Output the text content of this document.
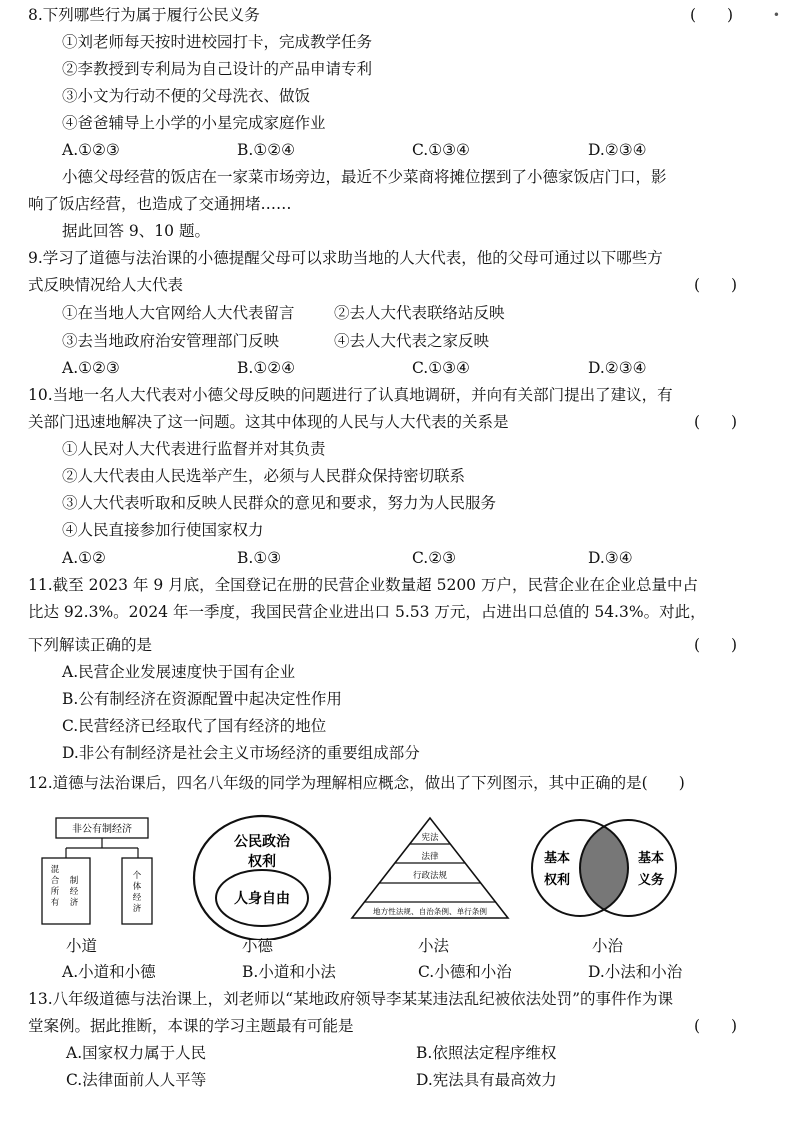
•
8.下列哪些行为属于履行公民义务	(　　)
①刘老师每天按时进校园打卡，完成教学任务
②李教授到专利局为自己设计的产品申请专利
③小文为行动不便的父母洗衣、做饭
④爸爸辅导上小学的小星完成家庭作业
A.①②③	B.①②④	C.①③④	D.②③④
小德父母经营的饭店在一家菜市场旁边，最近不少菜商将摊位摆到了小德家饭店门口，影
响了饭店经营，也造成了交通拥堵……
据此回答 9、10 题。
9.学习了道德与法治课的小德提醒父母可以求助当地的人大代表，他的父母可通过以下哪些方
式反映情况给人大代表	(　　)
①在当地人大官网给人大代表留言	②去人大代表联络站反映
③去当地政府治安管理部门反映	④去人大代表之家反映
A.①②③	B.①②④	C.①③④	D.②③④
10.当地一名人大代表对小德父母反映的问题进行了认真地调研，并向有关部门提出了建议，有
关部门迅速地解决了这一问题。这其中体现的人民与人大代表的关系是	(　　)
①人民对人大代表进行监督并对其负责
②人大代表由人民选举产生，必须与人民群众保持密切联系
③人大代表听取和反映人民群众的意见和要求，努力为人民服务
④人民直接参加行使国家权力
A.①②	B.①③	C.②③	D.③④
11.截至 2023 年 9 月底，全国登记在册的民营企业数量超 5200 万户，民营企业在企业总量中占
比达 92.3%。2024 年一季度，我国民营企业进出口 5.53 万元，占进出口总值的 54.3%。对此，
下列解读正确的是	(　　)
A.民营企业发展速度快于国有企业
B.公有制经济在资源配置中起决定性作用
C.民营经济已经取代了国有经济的地位
D.非公有制经济是社会主义市场经济的重要组成部分
12.道德与法治课后，四名八年级的同学为理解相应概念，做出了下列图示，其中正确的是(　　)
非公有制经济
混
合
所
有
制
经
济
个
体
经
济
公民政治
权利
人身自由
宪法
法律
行政法规
地方性法规、自治条例、单行条例
基本
权利
基本
义务
小道	小德	小法	小治
A.小道和小德	B.小道和小法	C.小德和小治	D.小法和小治
13.八年级道德与法治课上，刘老师以“某地政府领导李某某违法乱纪被依法处罚”的事件作为课
堂案例。据此推断，本课的学习主题最有可能是	(　　)
A.国家权力属于人民	B.依照法定程序维权
C.法律面前人人平等	D.宪法具有最高效力
